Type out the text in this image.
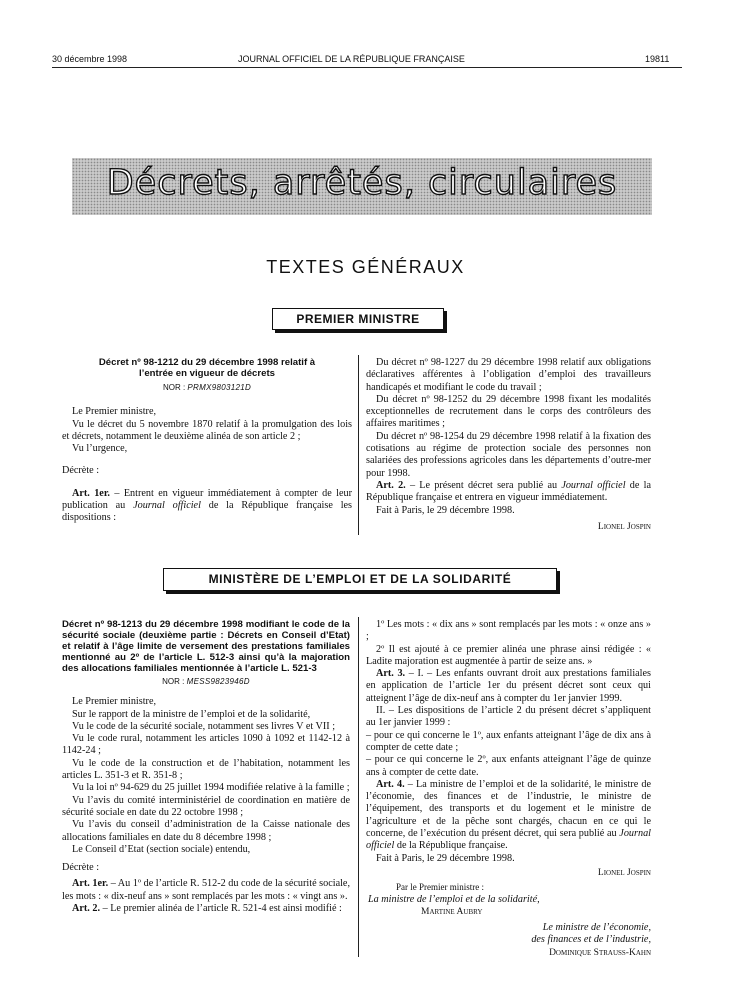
30 décembre 1998	JOURNAL OFFICIEL DE LA RÉPUBLIQUE FRANÇAISE	19811
Décrets, arrêtés, circulaires
TEXTES GÉNÉRAUX
PREMIER MINISTRE
Décret nº 98-1212 du 29 décembre 1998 relatif à l’entrée en vigueur de décrets
NOR : PRMX9803121D

Le Premier ministre,

Vu le décret du 5 novembre 1870 relatif à la promulgation des lois et décrets, notamment le deuxième alinéa de son article 2 ;

Vu l’urgence,

Décrète :

Art. 1er. – Entrent en vigueur immédiatement à compter de leur publication au Journal officiel de la République française les dispositions :

Du décret nº 98-1227 du 29 décembre 1998 relatif aux obligations déclaratives afférentes à l’obligation d’emploi des travailleurs handicapés et modifiant le code du travail ;

Du décret nº 98-1252 du 29 décembre 1998 fixant les modalités exceptionnelles de recrutement dans le corps des contrôleurs des affaires maritimes ;

Du décret nº 98-1254 du 29 décembre 1998 relatif à la fixation des cotisations au régime de protection sociale des personnes non salariées des professions agricoles dans les départements d’outre-mer pour 1998.

Art. 2. – Le présent décret sera publié au Journal officiel de la République française et entrera en vigueur immédiatement.

Fait à Paris, le 29 décembre 1998.

Lionel Jospin
MINISTÈRE DE L’EMPLOI ET DE LA SOLIDARITÉ
Décret nº 98-1213 du 29 décembre 1998 modifiant le code de la sécurité sociale (deuxième partie : Décrets en Conseil d’Etat) et relatif à l’âge limite de versement des prestations familiales mentionné au 2º de l’article L. 512-3 ainsi qu’à la majoration des allocations familiales mentionnée à l’article L. 521-3
NOR : MESS9823946D

Le Premier ministre,

Sur le rapport de la ministre de l’emploi et de la solidarité,

Vu le code de la sécurité sociale, notamment ses livres V et VII ;

Vu le code rural, notamment les articles 1090 à 1092 et 1142-12 à 1142-24 ;

Vu le code de la construction et de l’habitation, notamment les articles L. 351-3 et R. 351-8 ;

Vu la loi nº 94-629 du 25 juillet 1994 modifiée relative à la famille ;

Vu l’avis du comité interministériel de coordination en matière de sécurité sociale en date du 22 octobre 1998 ;

Vu l’avis du conseil d’administration de la Caisse nationale des allocations familiales en date du 8 décembre 1998 ;

Le Conseil d’Etat (section sociale) entendu,

Décrète :

Art. 1er. – Au 1º de l’article R. 512-2 du code de la sécurité sociale, les mots : « dix-neuf ans » sont remplacés par les mots : « vingt ans ».

Art. 2. – Le premier alinéa de l’article R. 521-4 est ainsi modifié :

1º Les mots : « dix ans » sont remplacés par les mots : « onze ans » ;

2º Il est ajouté à ce premier alinéa une phrase ainsi rédigée : « Ladite majoration est augmentée à partir de seize ans. »

Art. 3. – I. – Les enfants ouvrant droit aux prestations familiales en application de l’article 1er du présent décret sont ceux qui atteignent l’âge de dix-neuf ans à compter du 1er janvier 1999.

II. – Les dispositions de l’article 2 du présent décret s’appliquent au 1er janvier 1999 :

– pour ce qui concerne le 1º, aux enfants atteignant l’âge de dix ans à compter de cette date ;

– pour ce qui concerne le 2º, aux enfants atteignant l’âge de quinze ans à compter de cette date.

Art. 4. – La ministre de l’emploi et de la solidarité, le ministre de l’économie, des finances et de l’industrie, le ministre de l’équipement, des transports et du logement et le ministre de l’agriculture et de la pêche sont chargés, chacun en ce qui le concerne, de l’exécution du présent décret, qui sera publié au Journal officiel de la République française.

Fait à Paris, le 29 décembre 1998.

Lionel Jospin
Par le Premier ministre :
La ministre de l’emploi et de la solidarité,
Martine Aubry
Le ministre de l’économie,
des finances et de l’industrie,
Dominique Strauss-Kahn
